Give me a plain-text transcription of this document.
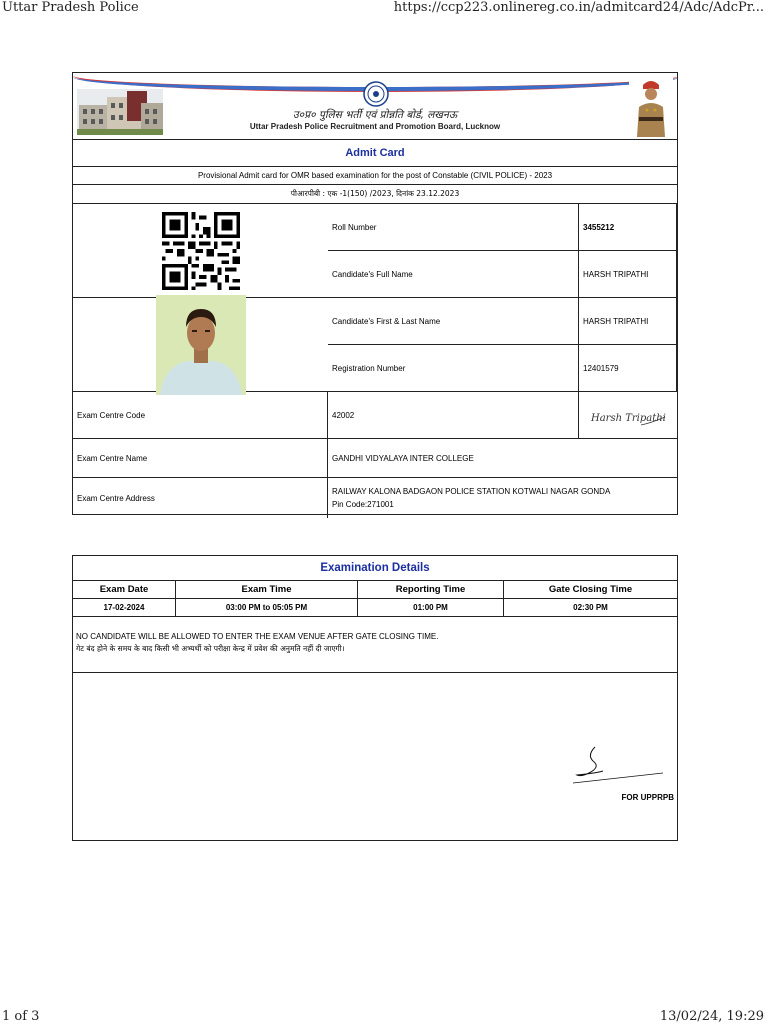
Uttar Pradesh Police	https://ccp223.onlinereg.co.in/admitcard24/Adc/AdcPr...
1 of 3	13/02/24, 19:29
उ०प्र० पुलिस भर्ती एवं प्रोन्नति बोर्ड, लखनऊ
Uttar Pradesh Police Recruitment and Promotion Board, Lucknow
Admit Card
Provisional Admit card for OMR based examination for the post of Constable (CIVIL POLICE) - 2023
पीआरपीबी : एक -1(150) /2023, दिनांक 23.12.2023
Roll Number	3455212
Candidate's Full Name	HARSH TRIPATHI
Candidate's First & Last Name	HARSH TRIPATHI
Registration Number	12401579
Exam Centre Code	42002	Harsh Tripathi
Exam Centre Name	GANDHI VIDYALAYA INTER COLLEGE
Exam Centre Address
RAILWAY KALONA BADGAON POLICE STATION KOTWALI NAGAR GONDA
Pin Code:271001
Examination Details
Exam Date	Exam Time	Reporting Time	Gate Closing Time
17-02-2024	03:00 PM to 05:05 PM	01:00 PM	02:30 PM
NO CANDIDATE WILL BE ALLOWED TO ENTER THE EXAM VENUE AFTER GATE CLOSING TIME.
गेट बंद होने के समय के बाद किसी भी अभ्यर्थी को परीक्षा केन्द्र में प्रवेश की अनुमति नहीं दी जाएगी।
FOR UPPRPB
